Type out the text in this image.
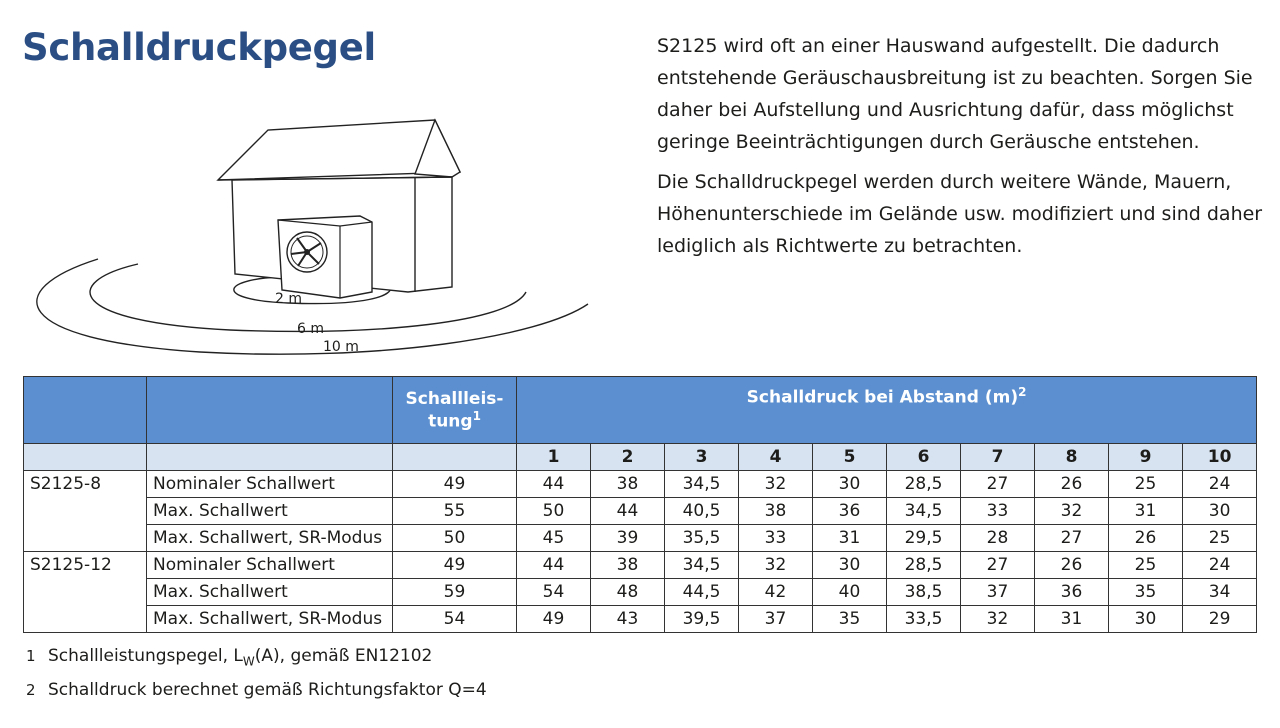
Schalldruckpegel
2 m
6 m
10 m

S2125 wird oft an einer Hauswand aufgestellt. Die dadurch entstehende Geräuschausbreitung ist zu beachten. Sorgen Sie daher bei Aufstellung und Ausrichtung dafür, dass möglichst geringe Beeinträchtigungen durch Geräusche entstehen.

Die Schalldruckpegel werden durch weitere Wände, Mauern, Höhenunterschiede im Gelände usw. modifiziert und sind daher lediglich als Richtwerte zu betrachten.

		Schallleis-
tung$^1$	Schalldruck bei Abstand $(m)^2$
			1	2	3	4	5	6	7	8	9	10
S2125-8	Nominaler Schallwert	49	44	38	34,5	32	30	28,5	27	26	25	24
	Max. Schallwert	55	50	44	40,5	38	36	34,5	33	32	31	30
	Max. Schallwert, SR-Modus	50	45	39	35,5	33	31	29,5	28	27	26	25
S2125-12	Nominaler Schallwert	49	44	38	34,5	32	30	28,5	27	26	25	24
	Max. Schallwert	59	54	48	44,5	42	40	38,5	37	36	35	34
	Max. Schallwert, SR-Modus	54	49	43	39,5	37	35	33,5	32	31	30	29
1 Schallleistungspegel, $L_W(A)$, gemäß EN12102
2 Schalldruck berechnet gemäß Richtungsfaktor Q=4
